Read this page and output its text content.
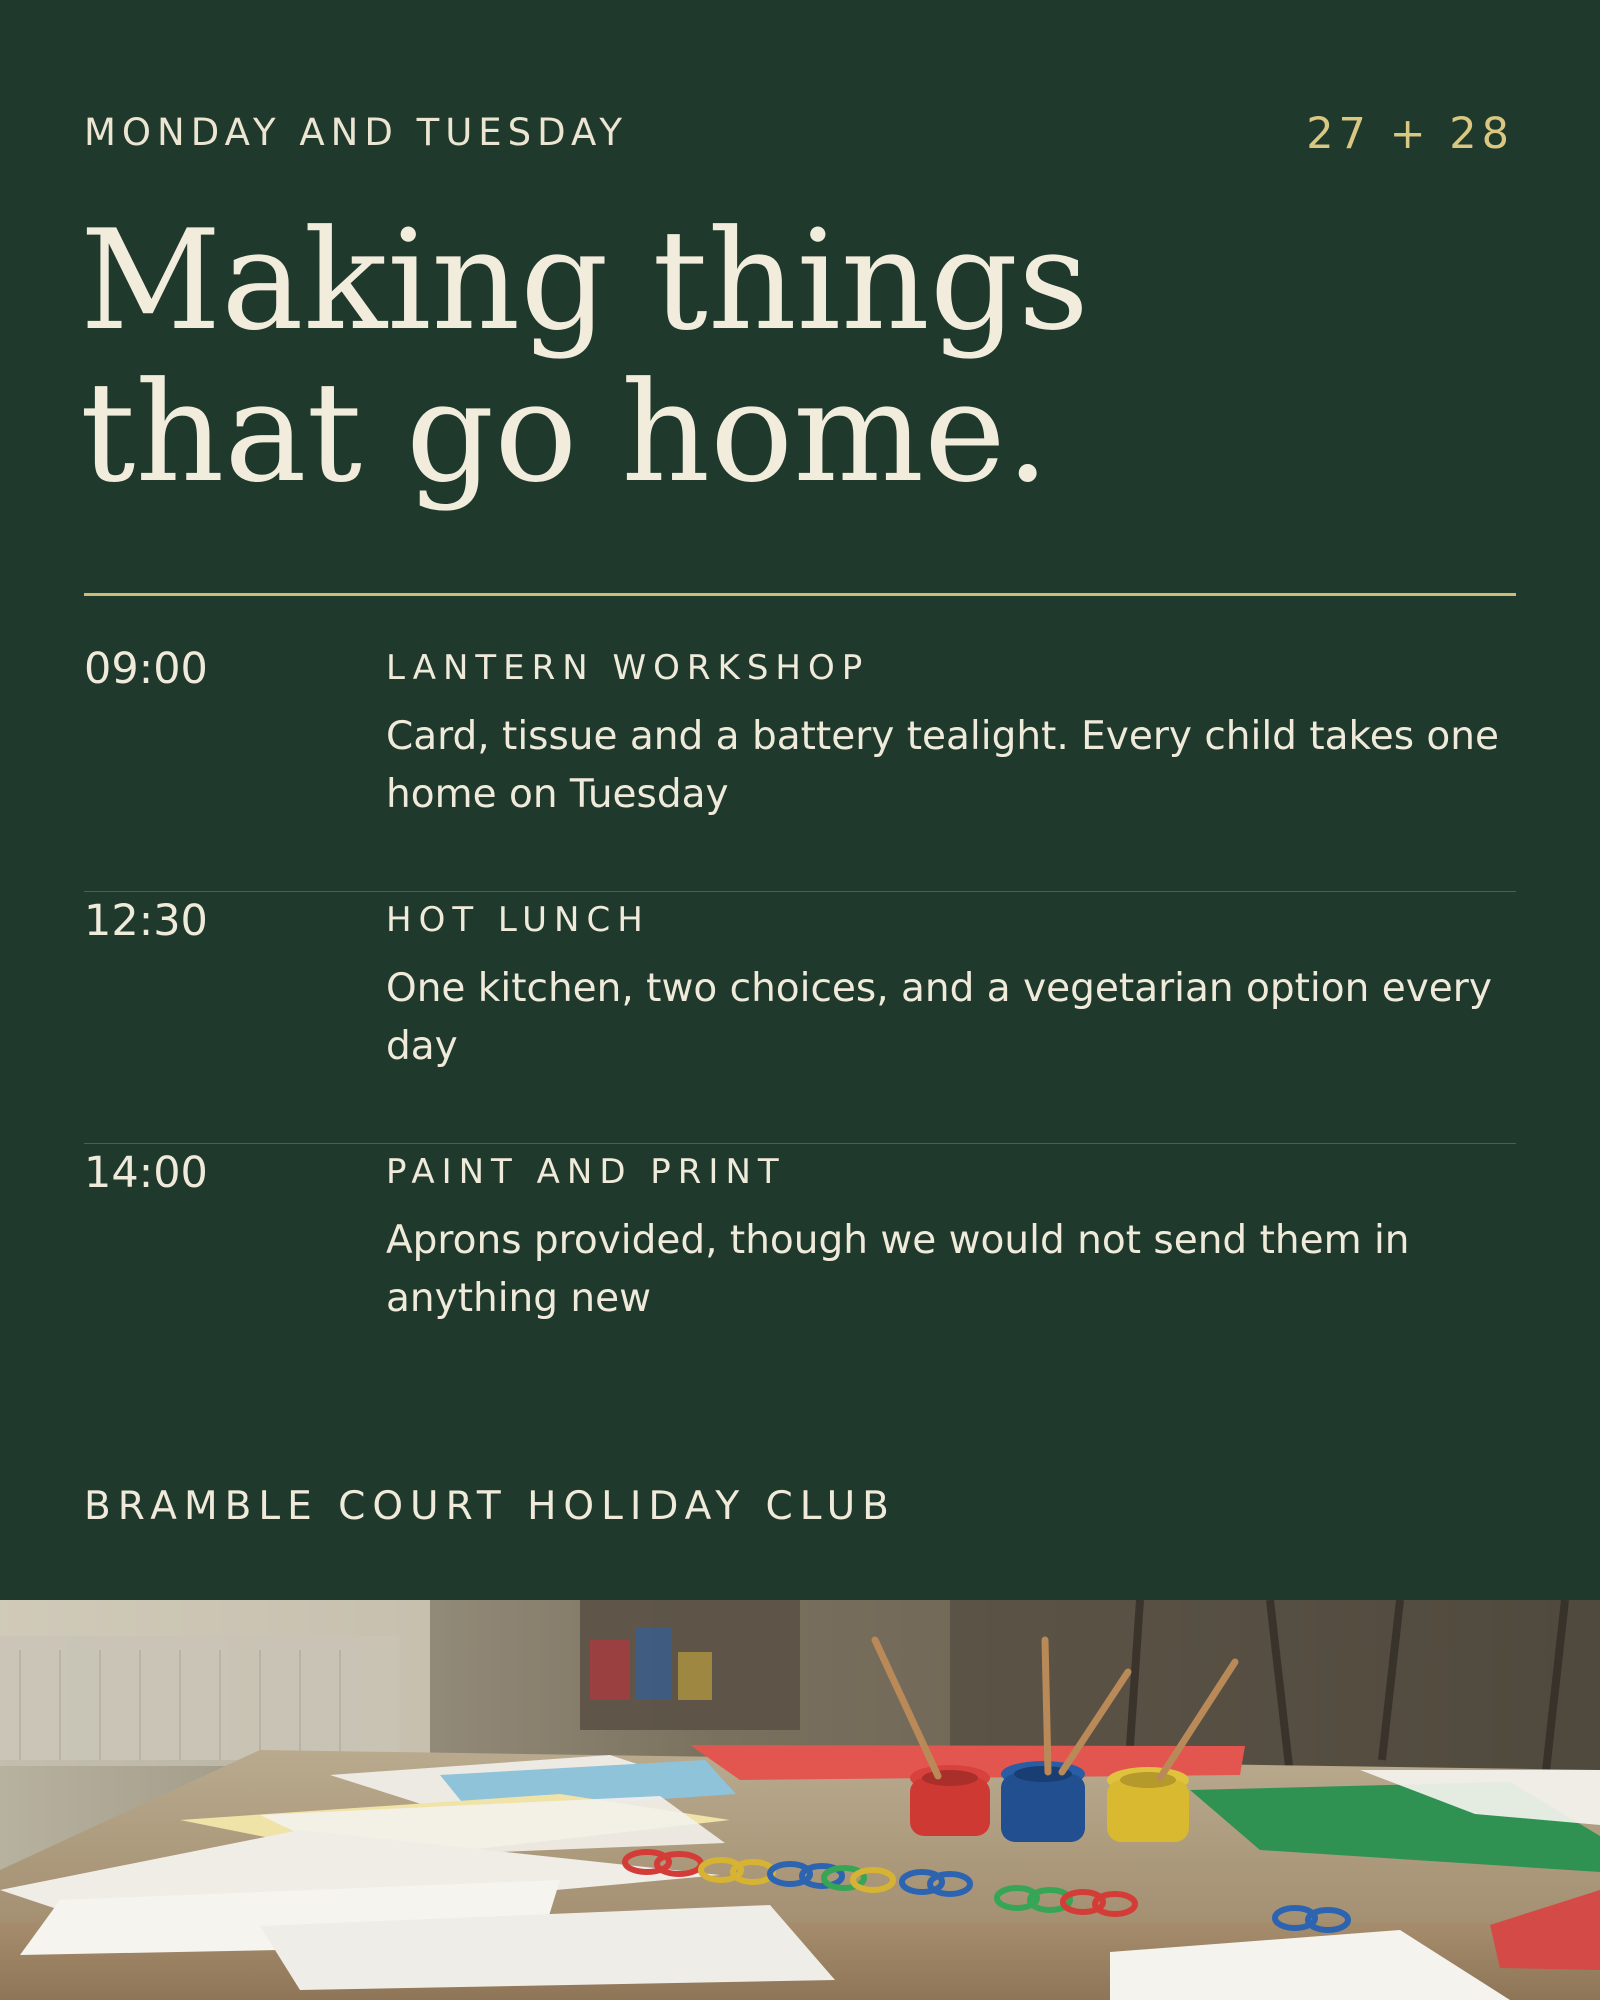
MONDAY AND TUESDAY	27 + 28
Making things
that go home.
09:00	LANTERN WORKSHOP
Card, tissue and a battery tealight. Every child takes one home on Tuesday
12:30	HOT LUNCH
One kitchen, two choices, and a vegetarian option every day
14:00	PAINT AND PRINT
Aprons provided, though we would not send them in anything new
BRAMBLE COURT HOLIDAY CLUB
